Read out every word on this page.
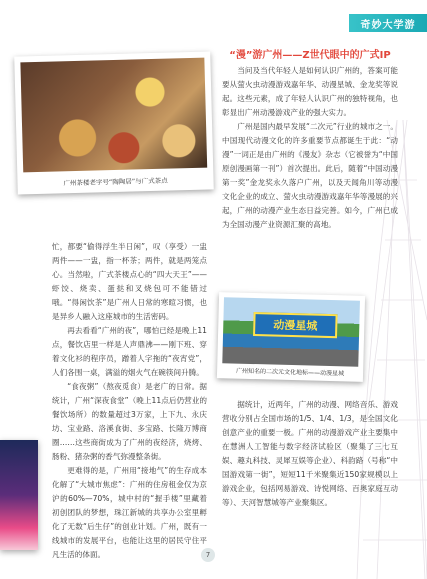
奇妙大学游
广州茶楼老字号“陶陶居”与广式茶点
“漫”游广州——Z世代眼中的广式IP

当问及当代年轻人是如何认识广州的，答案可能要从萤火虫动漫游戏嘉年华、动漫星城、金龙奖等说起。这些元素，成了年轻人认识广州的独特视角，也彰显出广州动漫游戏产业的强大实力。

广州是国内最早发展“二次元”行业的城市之一。中国现代动漫文化的许多重要节点都诞生于此：“动漫”一词正是由广州的《漫友》杂志（它被誉为“中国原创漫画第一刊”）首次提出。此后，随着“中国动漫第一奖”金龙奖永久落户广州，以及天闻角川等动漫文化企业的成立、萤火虫动漫游戏嘉年华等漫展的兴起，广州的动漫产业生态日益完善。如今，广州已成为全国动漫产业资源汇聚的高地。

忙，都要“偷得浮生半日闲”，叹（享受）一盅两件——一盅，指一杯茶；两件，就是两笼点心。当然啦，广式茶楼点心的“四大天王”——虾饺、烧卖、蛋挞和叉烧包可不能错过哦。“得闲饮茶”是广州人日常的寒暄习惯，也是异乡人融入这座城市的生活密码。

再去看看“广州的夜”，哪怕已经是晚上11点，餐饮店里一样是人声鼎沸——刚下班、穿着文化衫的程序员，蹭着人字拖的“夜宵党”，人们各围一桌，满溢的烟火气在碗筷间升腾。

“食夜粥”（熬夜觅食）是老广的日常。据统计，广州“深夜食堂”（晚上11点后仍营业的餐饮场所）的数量超过3万家，上下九、永庆坊、宝业路、洛溪食街、多宝路、长隆万博商圈……这些商街成为了广州的夜经济，烧烤、肠粉、猪杂粥的香气弥漫整条街。

更难得的是，广州用“接地气”的生存成本化解了“大城市焦虑”：广州的住房租金仅为京沪的60%—70%，城中村的“握手楼”里藏着初创团队的梦想，珠江新城的共享办公室里孵化了无数“后生仔”的创业计划。广州，既有一线城市的发展平台，也能让这里的居民守住平凡生活的体面。

动漫星城
广州知名的二次元文化地标——动漫星城

据统计，近两年，广州的动漫、网络音乐、游戏营收分别占全国市场的1/5、1/4、1/3，是全国文化创意产业的重要一极。广州的动漫游戏产业主要集中在慧洲人工智能与数字经济试验区（聚集了三七互娱、趣丸科技、灵犀互娱等企业）、科韵路（号称“中国游戏第一街”，短短11千米聚集近150家规模以上游戏企业，包括网易游戏、诗悦网络、百奥家庭互动等）、天河智慧城等产业聚集区。

7
